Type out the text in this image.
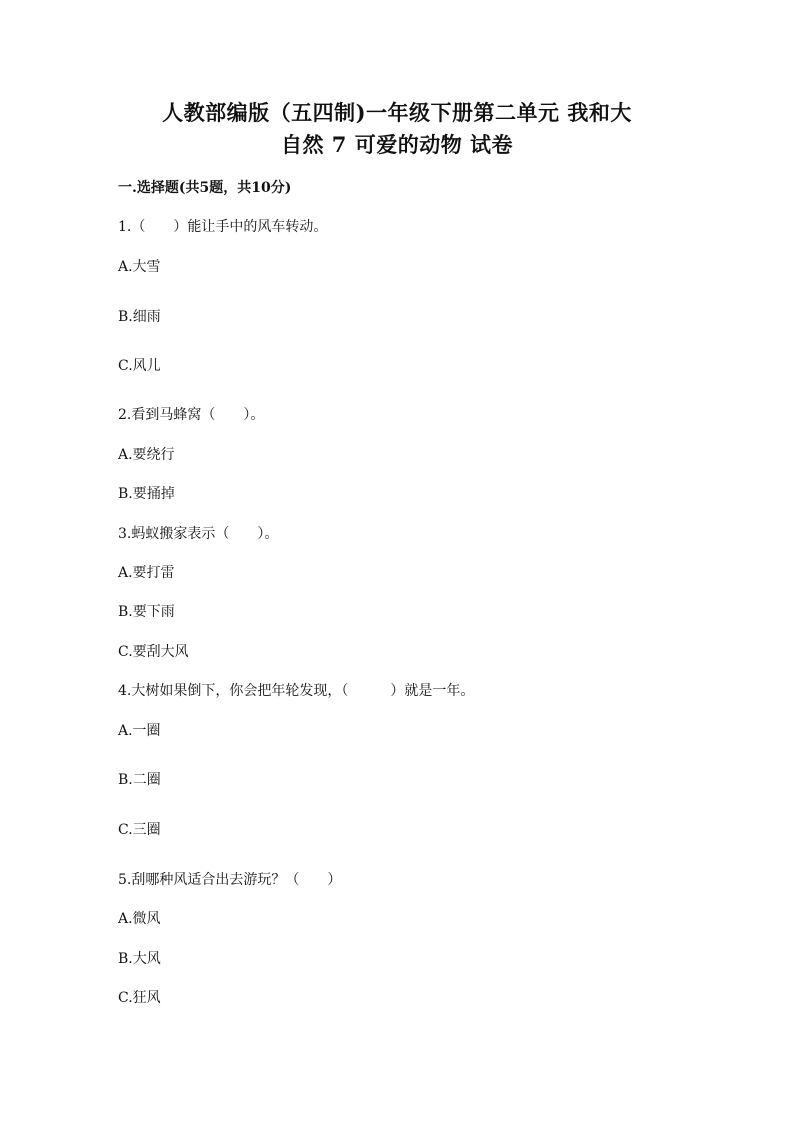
人教部编版（五四制)一年级下册第二单元 我和大
自然 7 可爱的动物 试卷
一.选择题(共5题，共10分)
1.（　　）能让手中的风车转动。
A.大雪
B.细雨
C.风儿
2.看到马蜂窝（　　）。
A.要绕行
B.要捅掉
3.蚂蚁搬家表示（　　）。
A.要打雷
B.要下雨
C.要刮大风
4.大树如果倒下，你会把年轮发现，（　　　）就是一年。
A.一圈
B.二圈
C.三圈
5.刮哪种风适合出去游玩？（　　）
A.微风
B.大风
C.狂风
